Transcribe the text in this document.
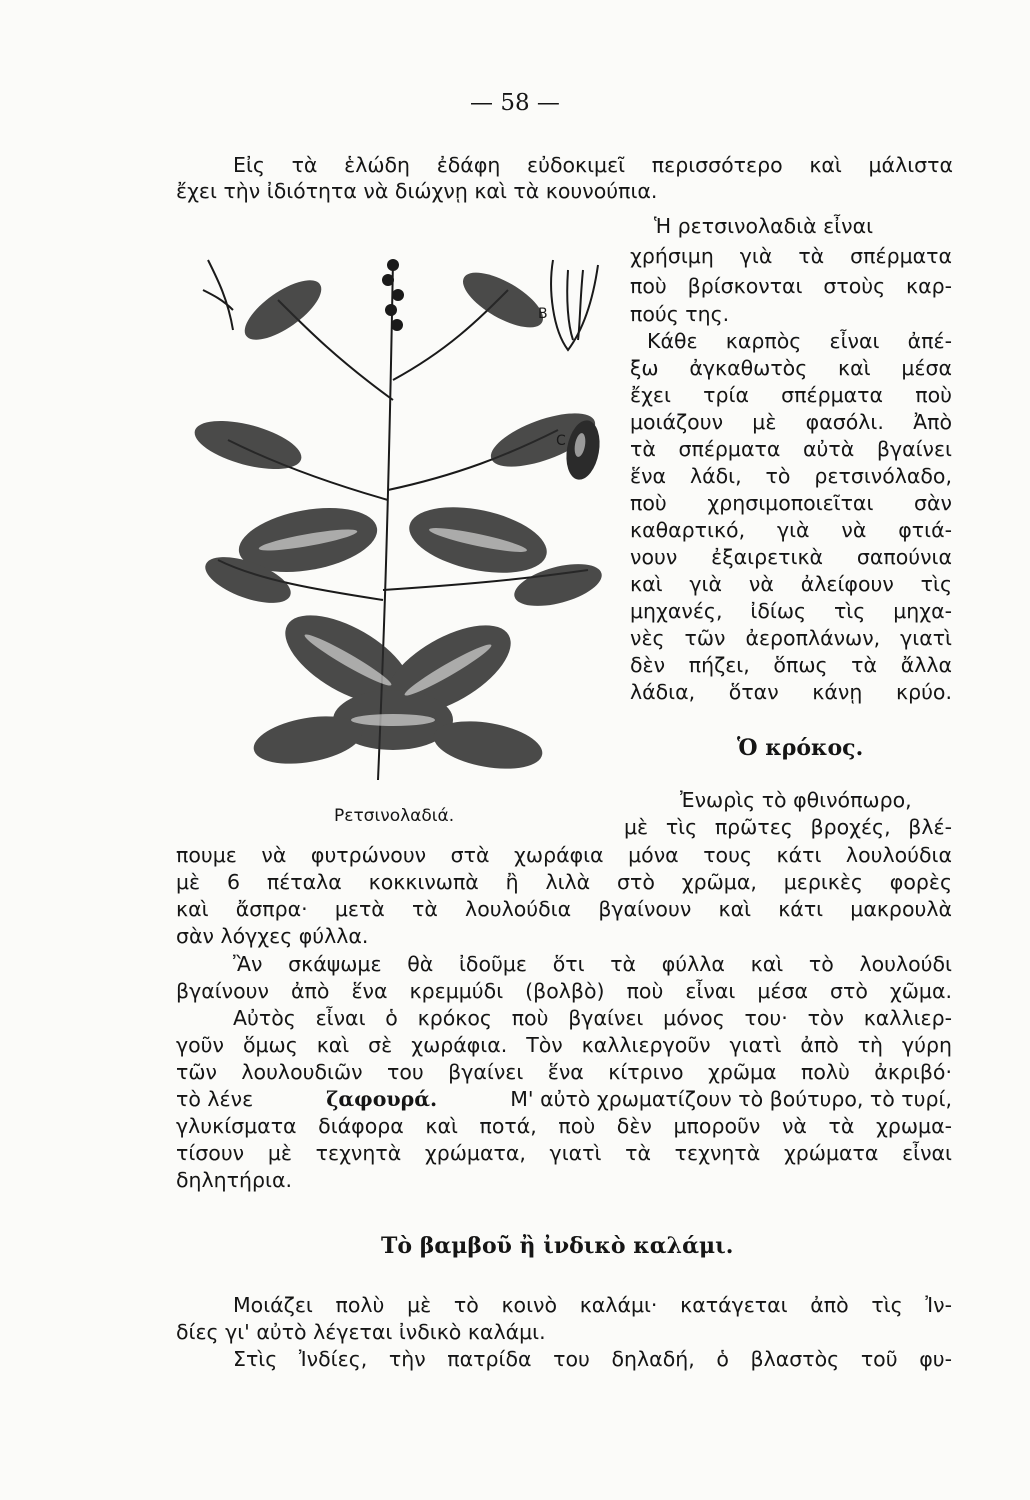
— 58 —
Εἰς τὰ ἑλώδη ἐδάφη εὐδοκιμεῖ περισσότερο καὶ μάλιστα
ἔχει τὴν ἰδιότητα νὰ διώχνῃ καὶ τὰ κουνούπια.
Β
C
Ρετσινολαδιά.
Ἡ ρετσινολαδιὰ εἶναι
χρήσιμη γιὰ τὰ σπέρματα
ποὺ βρίσκονται στοὺς καρ-
πούς της.
Κάθε καρπὸς εἶναι ἀπέ-
ξω ἀγκαθωτὸς καὶ μέσα
ἔχει τρία σπέρματα ποὺ
μοιάζουν μὲ φασόλι. Ἀπὸ
τὰ σπέρματα αὐτὰ βγαίνει
ἕνα λάδι, τὸ ρετσινόλαδο,
ποὺ χρησιμοποιεῖται σὰν
καθαρτικό, γιὰ νὰ φτιά-
νουν ἐξαιρετικὰ σαπούνια
καὶ γιὰ νὰ ἀλείφουν τὶς
μηχανές, ἰδίως τὶς μηχα-
νὲς τῶν ἀεροπλάνων, γιατὶ
δὲν πήζει, ὅπως τὰ ἄλλα
λάδια, ὅταν κάνῃ κρύο.
Ὁ κρόκος.
Ἐνωρὶς τὸ φθινόπωρο,
μὲ τὶς πρῶτες βροχές, βλέ-
πουμε νὰ φυτρώνουν στὰ χωράφια μόνα τους κάτι λουλούδια
μὲ 6 πέταλα κοκκινωπὰ ἢ λιλὰ στὸ χρῶμα, μερικὲς φορὲς
καὶ ἄσπρα· μετὰ τὰ λουλούδια βγαίνουν καὶ κάτι μακρουλὰ
σὰν λόγχες φύλλα.
Ἂν σκάψωμε θὰ ἰδοῦμε ὅτι τὰ φύλλα καὶ τὸ λουλούδι
βγαίνουν ἀπὸ ἕνα κρεμμύδι (βολβὸ) ποὺ εἶναι μέσα στὸ χῶμα.
Αὐτὸς εἶναι ὁ κρόκος ποὺ βγαίνει μόνος του· τὸν καλλιερ-
γοῦν ὅμως καὶ σὲ χωράφια. Τὸν καλλιεργοῦν γιατὶ ἀπὸ τὴ γύρη
τῶν λουλουδιῶν του βγαίνει ἕνα κίτρινο χρῶμα πολὺ ἀκριβό·
τὸ λένε	ζαφουρά.	Μ' αὐτὸ χρωματίζουν τὸ βούτυρο, τὸ τυρί,
γλυκίσματα διάφορα καὶ ποτά, ποὺ δὲν μποροῦν νὰ τὰ χρωμα-
τίσουν μὲ τεχνητὰ χρώματα, γιατὶ τὰ τεχνητὰ χρώματα εἶναι
δηλητήρια.
Τὸ βαμβοῦ ἢ ἰνδικὸ καλάμι.
Μοιάζει πολὺ μὲ τὸ κοινὸ καλάμι· κατάγεται ἀπὸ τὶς Ἰν-
δίες γι' αὐτὸ λέγεται ἰνδικὸ καλάμι.
Στὶς Ἰνδίες, τὴν πατρίδα του δηλαδή, ὁ βλαστὸς τοῦ φυ-
